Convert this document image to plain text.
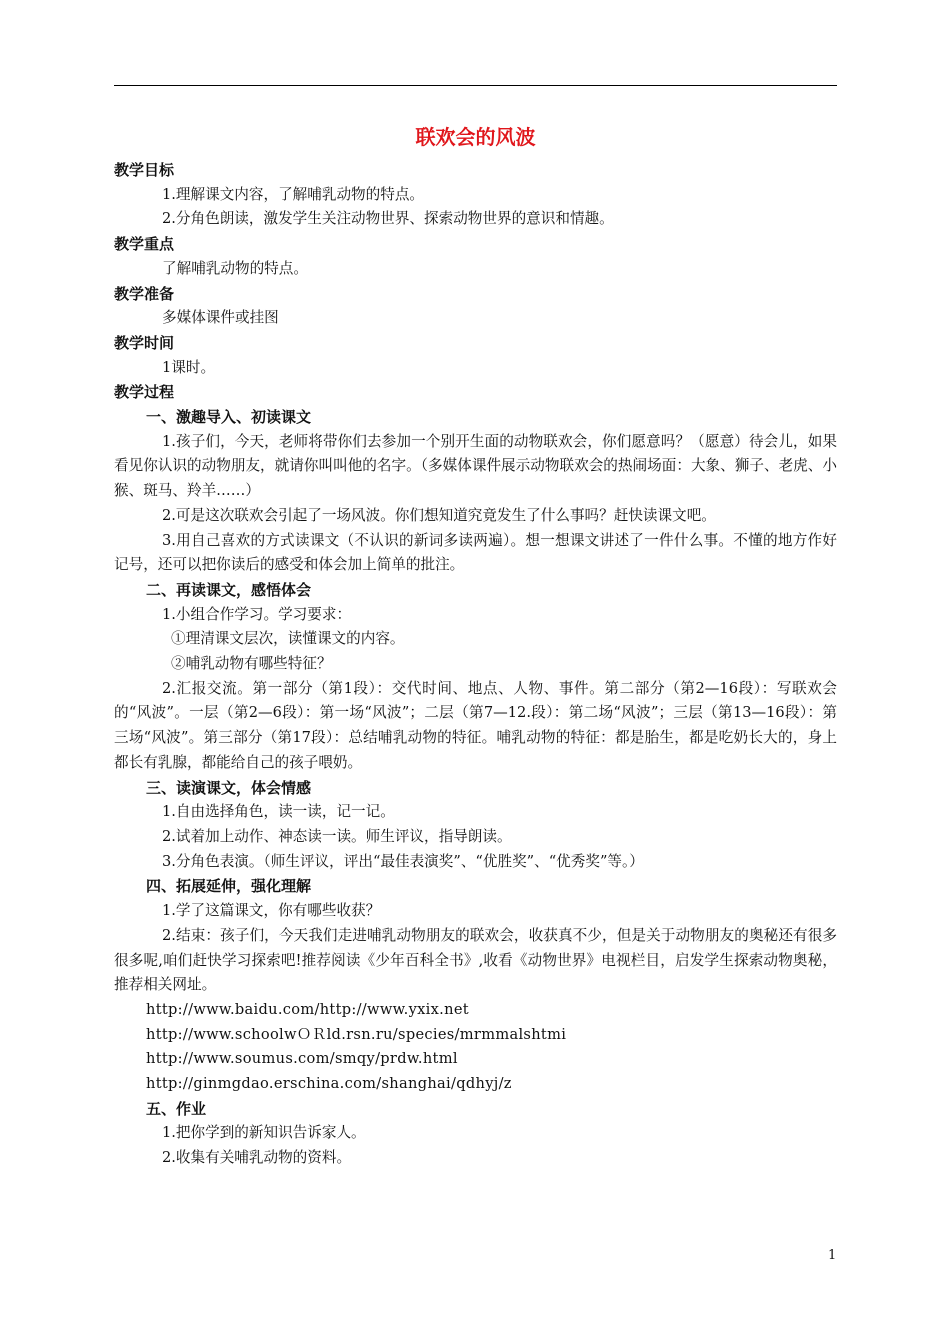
联欢会的风波
教学目标
1.理解课文内容，了解哺乳动物的特点。
2.分角色朗读，激发学生关注动物世界、探索动物世界的意识和情趣。
教学重点
了解哺乳动物的特点。
教学准备
多媒体课件或挂图
教学时间
1课时。
教学过程
一、激趣导入、初读课文
1.孩子们，今天，老师将带你们去参加一个别开生面的动物联欢会，你们愿意吗？（愿意）待会儿，如果看见你认识的动物朋友，就请你叫叫他的名字。（多媒体课件展示动物联欢会的热闹场面：大象、狮子、老虎、小猴、斑马、羚羊……）
2.可是这次联欢会引起了一场风波。你们想知道究竟发生了什么事吗？赶快读课文吧。
3.用自己喜欢的方式读课文（不认识的新词多读两遍）。想一想课文讲述了一件什么事。不懂的地方作好记号，还可以把你读后的感受和体会加上简单的批注。
二、再读课文，感悟体会
1.小组合作学习。学习要求：
①理清课文层次，读懂课文的内容。
②哺乳动物有哪些特征？
2.汇报交流。第一部分（第1段）：交代时间、地点、人物、事件。第二部分（第2—16段）：写联欢会的“风波”。一层（第2—6段）：第一场“风波”；二层（第7—12.段）：第二场“风波”；三层（第13—16段）：第三场“风波”。第三部分（第17段）：总结哺乳动物的特征。哺乳动物的特征：都是胎生，都是吃奶长大的，身上都长有乳腺，都能给自己的孩子喂奶。
三、读演课文，体会情感
1.自由选择角色，读一读，记一记。
2.试着加上动作、神态读一读。师生评议，指导朗读。
3.分角色表演。（师生评议，评出“最佳表演奖”、“优胜奖”、“优秀奖”等。）
四、拓展延伸，强化理解
1.学了这篇课文，你有哪些收获？
2.结束：孩子们，今天我们走进哺乳动物朋友的联欢会，收获真不少，但是关于动物朋友的奥秘还有很多很多呢,咱们赶快学习探索吧!推荐阅读《少年百科全书》,收看《动物世界》电视栏目，启发学生探索动物奥秘，推荐相关网址。
http://www.baidu.com/http://www.yxix.net
http://www.schoolwＯＲld.rsn.ru/species/mrmmalshtmi
http://www.soumus.com/smqy/prdw.html
http://ginmgdao.erschina.com/shanghai/qdhyj/z
五、作业
1.把你学到的新知识告诉家人。
2.收集有关哺乳动物的资料。
1
